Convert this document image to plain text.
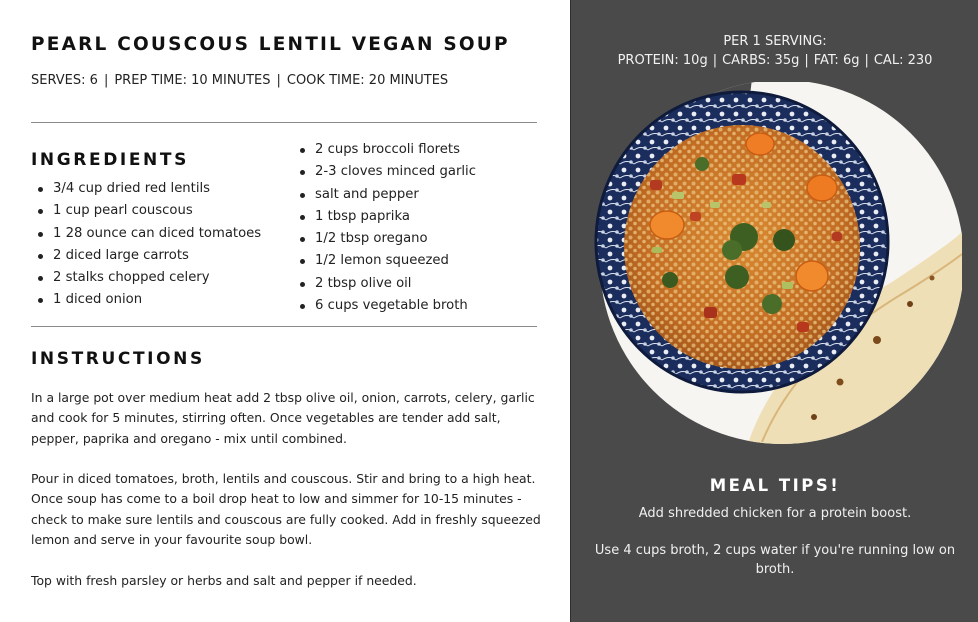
PEARL COUSCOUS LENTIL VEGAN SOUP
SERVES: 6 | PREP TIME: 10 MINUTES | COOK TIME: 20 MINUTES
INGREDIENTS
3/4 cup dried red lentils
1 cup pearl couscous
1 28 ounce can diced tomatoes
2 diced large carrots
2 stalks chopped celery
1 diced onion
2 cups broccoli florets
2-3 cloves minced garlic
salt and pepper
1 tbsp paprika
1/2 tbsp oregano
1/2 lemon squeezed
2 tbsp olive oil
6 cups vegetable broth
INSTRUCTIONS

In a large pot over medium heat add 2 tbsp olive oil, onion, carrots, celery, garlic and cook for 5 minutes, stirring often. Once vegetables are tender add salt, pepper, paprika and oregano - mix until combined.

Pour in diced tomatoes, broth, lentils and couscous. Stir and bring to a high heat. Once soup has come to a boil drop heat to low and simmer for 10-15 minutes - check to make sure lentils and couscous are fully cooked. Add in freshly squeezed lemon and serve in your favourite soup bowl.

Top with fresh parsley or herbs and salt and pepper if needed.

PER 1 SERVING:
PROTEIN: 10g | CARBS: 35g | FAT: 6g | CAL: 230
MEAL TIPS!
Add shredded chicken for a protein boost.
Use 4 cups broth, 2 cups water if you're running low on broth.
